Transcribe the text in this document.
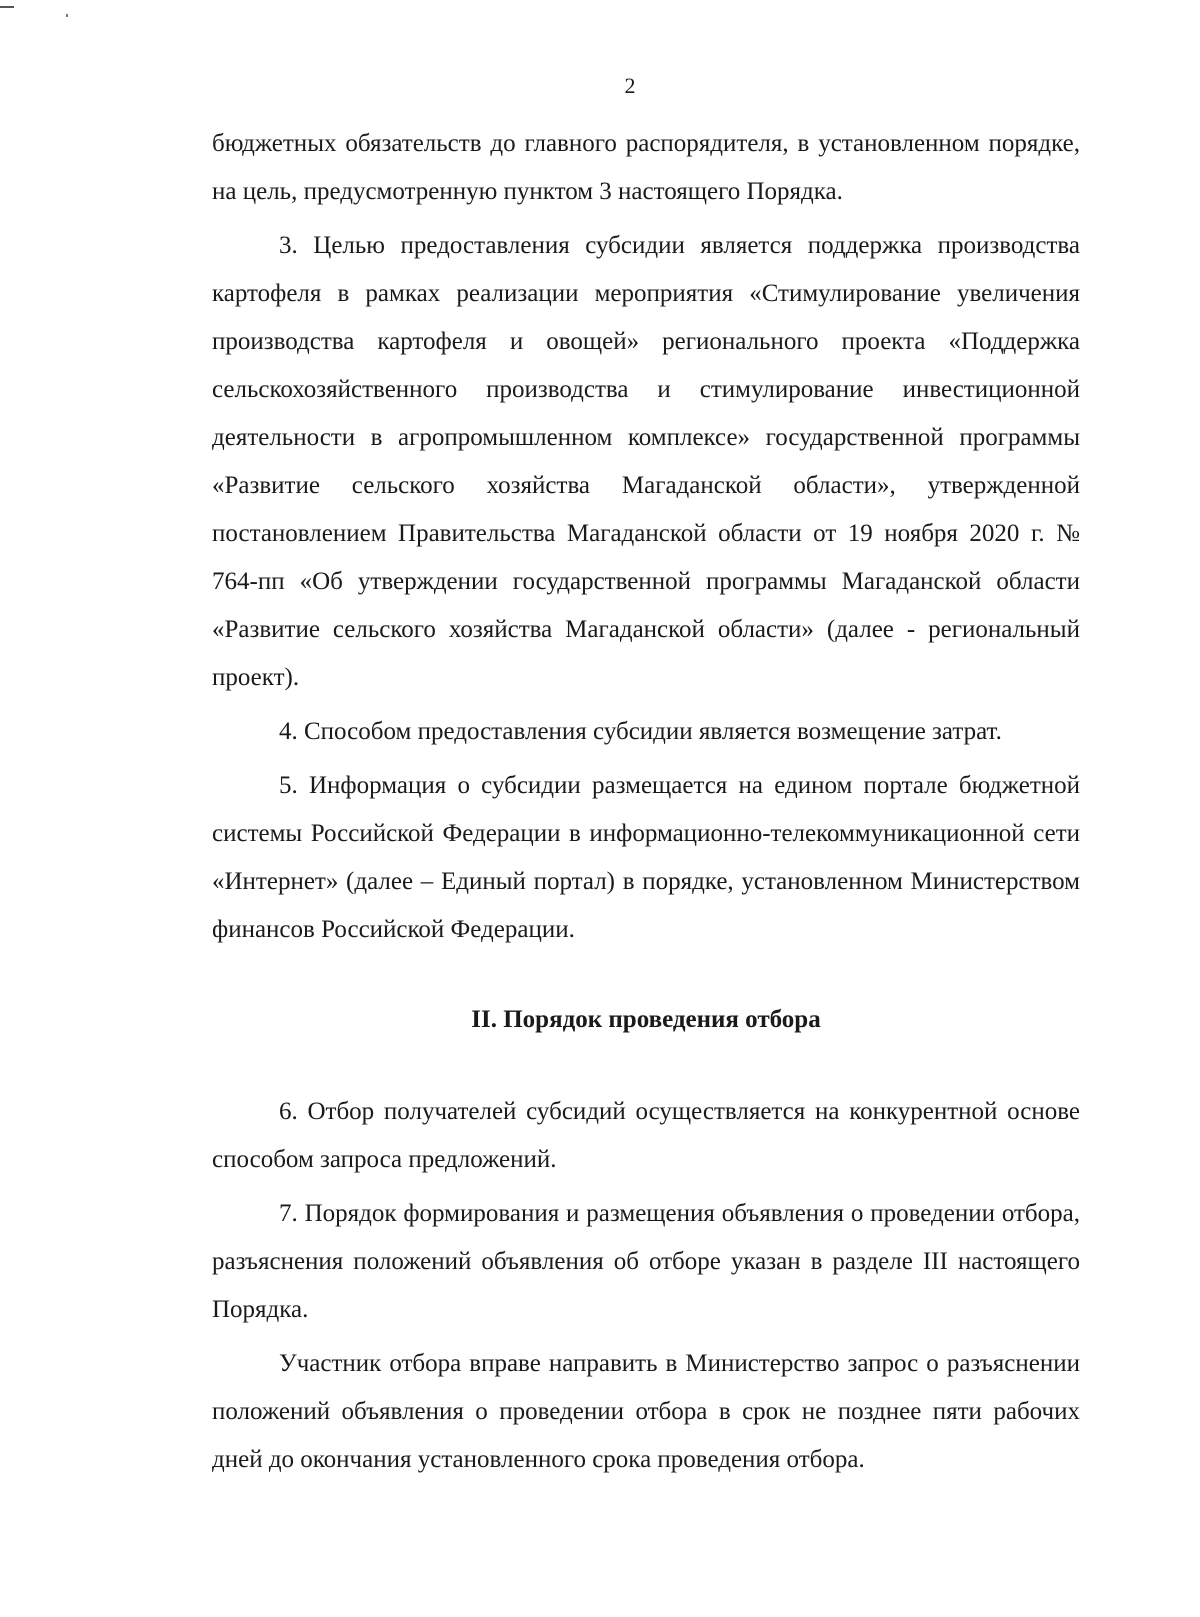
2

бюджетных обязательств до главного распорядителя, в установленном порядке, на цель, предусмотренную пунктом 3 настоящего Порядка.

3. Целью предоставления субсидии является поддержка производства картофеля в рамках реализации мероприятия «Стимулирование увеличения производства картофеля и овощей» регионального проекта «Поддержка сельскохозяйственного производства и стимулирование инвестиционной деятельности в агропромышленном комплексе» государственной программы «Развитие сельского хозяйства Магаданской области», утвержденной постановлением Правительства Магаданской области от 19 ноября 2020 г. № 764-пп «Об утверждении государственной программы Магаданской области «Развитие сельского хозяйства Магаданской области» (далее - региональный проект).

4. Способом предоставления субсидии является возмещение затрат.

5. Информация о субсидии размещается на едином портале бюджетной системы Российской Федерации в информационно-телекоммуникационной сети «Интернет» (далее – Единый портал) в порядке, установленном Министерством финансов Российской Федерации.

II. Порядок проведения отбора

6. Отбор получателей субсидий осуществляется на конкурентной основе способом запроса предложений.

7. Порядок формирования и размещения объявления о проведении отбора, разъяснения положений объявления об отборе указан в разделе III настоящего Порядка.

Участник отбора вправе направить в Министерство запрос о разъяснении положений объявления о проведении отбора в срок не позднее пяти рабочих дней до окончания установленного срока проведения отбора.
